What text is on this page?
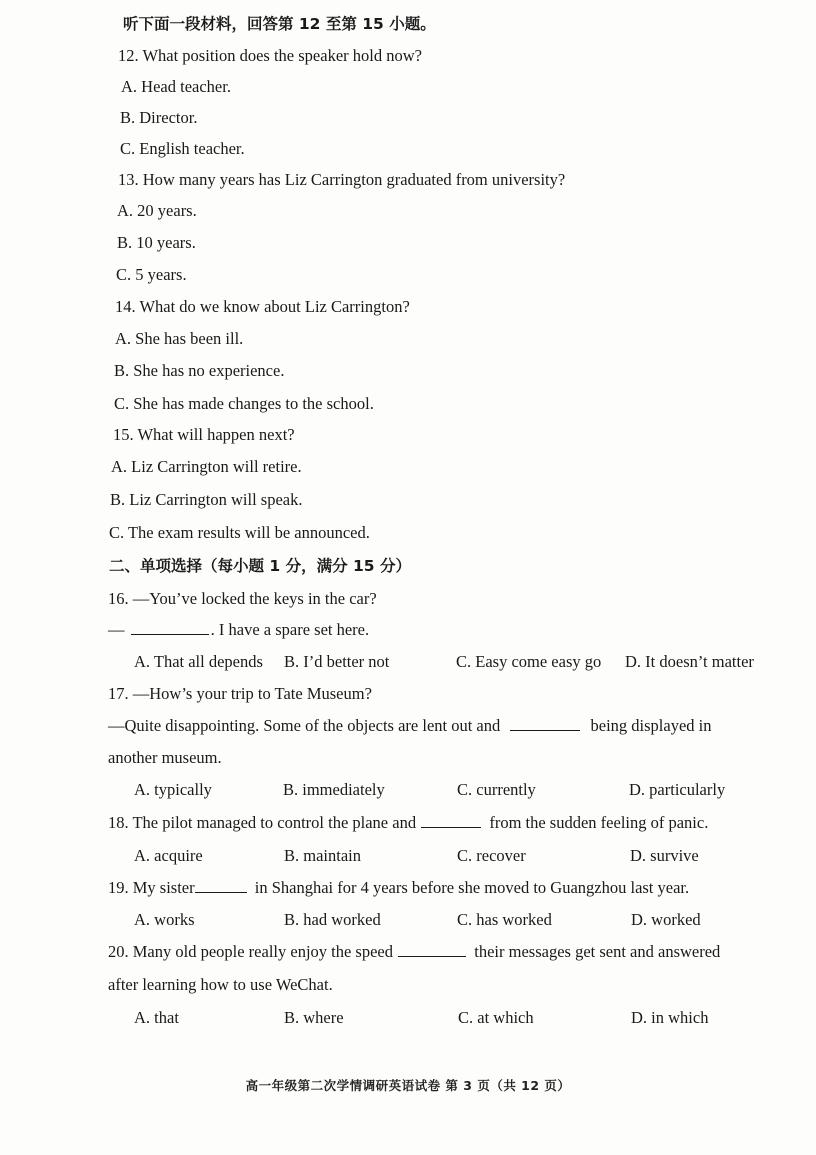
听下面一段材料，回答第 12 至第 15 小题。
12. What position does the speaker hold now?
A. Head teacher.
B. Director.
C. English teacher.
13. How many years has Liz Carrington graduated from university?
A. 20 years.
B. 10 years.
C. 5 years.
14. What do we know about Liz Carrington?
A. She has been ill.
B. She has no experience.
C. She has made changes to the school.
15. What will happen next?
A. Liz Carrington will retire.
B. Liz Carrington will speak.
C. The exam results will be announced.
二、单项选择（每小题 1 分，满分 15 分）
16. —You’ve locked the keys in the car?
—	. I have a spare set here.
A. That all depends B. I’d better not	C. Easy come easy go D. It doesn’t matter
17. —How’s your trip to Tate Museum?
—Quite disappointing. Some of the objects are lent out and	being displayed in
another museum.
A. typically	B. immediately	C. currently	D. particularly
18. The pilot managed to control the plane and	from the sudden feeling of panic.
A. acquire	B. maintain	C. recover	D. survive
19. My sister	in Shanghai for 4 years before she moved to Guangzhou last year.
A. works	B. had worked	C. has worked	D. worked
20. Many old people really enjoy the speed	their messages get sent and answered
after learning how to use WeChat.
A. that	B. where	C. at which	D. in which
高一年级第二次学情调研英语试卷 第 3 页（共 12 页）
